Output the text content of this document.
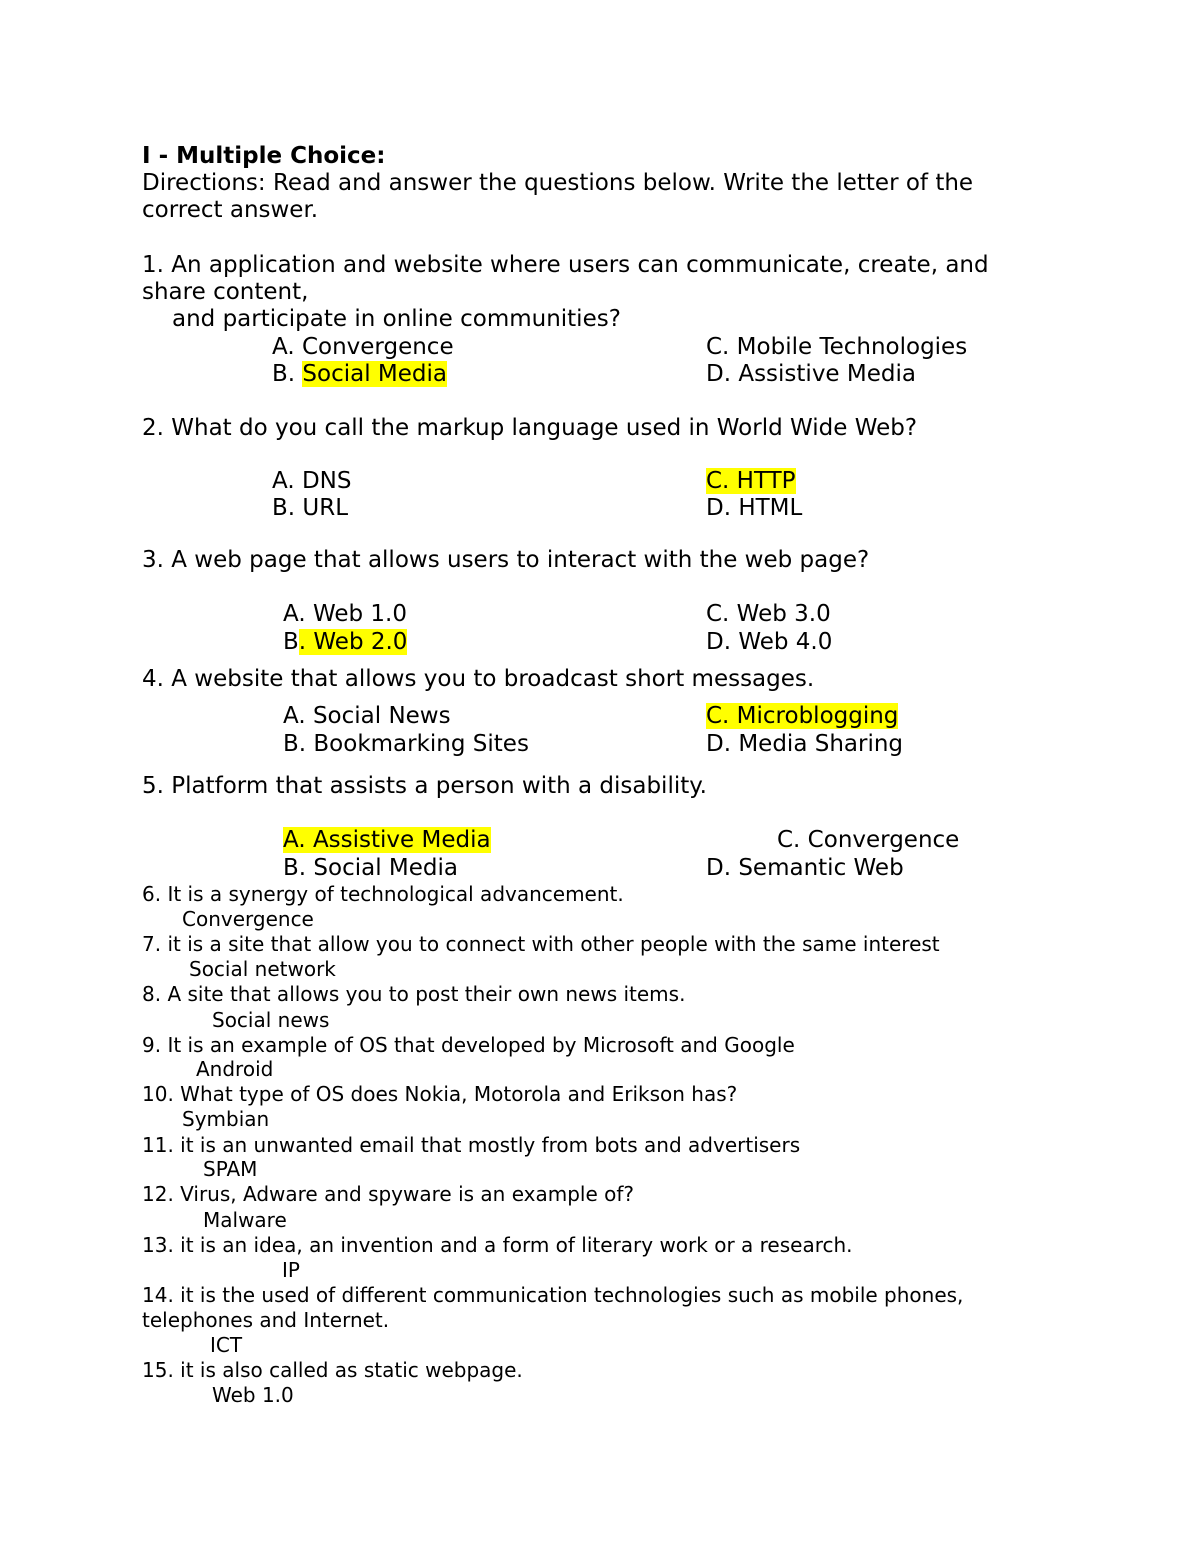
I - Multiple Choice:
Directions: Read and answer the questions below. Write the letter of the
correct answer.
1. An application and website where users can communicate, create, and
share content,
and participate in online communities?
A. Convergence	C. Mobile Technologies
B. Social Media	D. Assistive Media
2. What do you call the markup language used in World Wide Web?
A. DNS	C. HTTP
B. URL	D. HTML
3. A web page that allows users to interact with the web page?
A. Web 1.0	C. Web 3.0
B. Web 2.0	D. Web 4.0
4. A website that allows you to broadcast short messages.
A. Social News	C. Microblogging
B. Bookmarking Sites	D. Media Sharing
5. Platform that assists a person with a disability.
A. Assistive Media	C. Convergence
B. Social Media	D. Semantic Web
6. It is a synergy of technological advancement.
Convergence
7. it is a site that allow you to connect with other people with the same interest
Social network
8. A site that allows you to post their own news items.
Social news
9. It is an example of OS that developed by Microsoft and Google
Android
10. What type of OS does Nokia, Motorola and Erikson has?
Symbian
11. it is an unwanted email that mostly from bots and advertisers
SPAM
12. Virus, Adware and spyware is an example of?
Malware
13. it is an idea, an invention and a form of literary work or a research.
IP
14. it is the used of different communication technologies such as mobile phones,
telephones and Internet.
ICT
15. it is also called as static webpage.
Web 1.0
